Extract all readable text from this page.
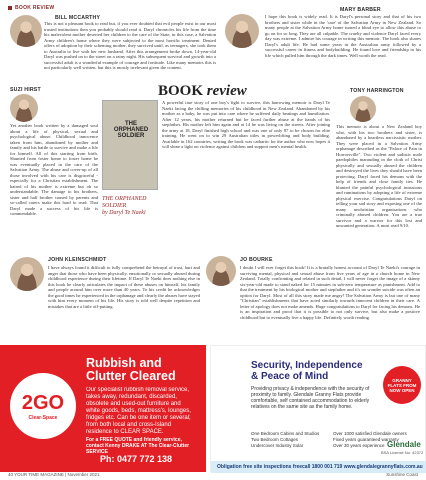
BOOK REVIEW
BILL MCCARTHY
This is not a pleasant book to read but, if you ever doubted that evil people exist in our most trusted institutions then you probably should read it. Daryl chronicles his life from the time his malevolent mother deserted her children to the care of the State, in this case, a Salvation Army children's home where they were subjected to the most horrific treatment. Denied offers of adoption by their scheming mother, they survived until, as teenagers, she took them to Australia to live with her new husband. After this arrangement broke down, 14-year-old Daryl was pushed on to the street on a rainy night. His subsequent survival and growth into a successful adult is a wonderful example of courage and fortitude. Like many memoirs this is not particularly well written, but this is mostly irrelevant given the content.
MARY BARBER
I hope this book is widely read. It is Daryl's personal story and that of his two brothers and sister while in the 'care' of the Salvation Army in New Zealand. So many people at the Salvation Army home turned a blind eye to allow this abuse to go on for so long. They are all culpable. The cruelty and violence Daryl faced every day was extreme. I admire his courage in writing this memoir. The book also shares Daryl's adult life. He had some years in the Australian army followed by a successful career in fitness and bodybuilding. He found love and friendship in his life which pulled him through the dark times. Well worth the read.
BOOK review
SUZI HIRST
Yet another book written by a damaged soul about a life of physical, sexual and psychological abuse. Childhood innocence taken from him, abandoned by mother and family and his battle to survive and make a life for himself. All of this starting from birth. Shunted from foster home to foster home he was eventually placed in the care of the Salvation Army. The abuse and cover-up of all those involved with his care is disgraceful - especially for a Christian establishment. The hatred of his mother is extreme but oh so understandable. The damage to his brothers, sister and half brother caused by parents and so-called carers make this hard to read. That Daryl made a success of his life is commendable.
THE ORPHANED SOLDIER
THE ORPHANED SOLDIER
by Daryl Te Naeki
A powerful true story of one boy's fight to survive, this harrowing memoir is Daryl Te Naeki facing the chilling memories of his childhood in New Zealand. Abandoned by his mother as a baby, he was put into care where he suffered daily beatings and humiliation. After 12 years, his mother returned but he faced further abuse at the hands of his stepfather. His mother left him again and at 14 he was living on the streets. After joining the army at 18, Daryl finished high school and was one of only 87 to be chosen for elite training. He went on to win 29 Australian titles in powerlifting and body building. Available in 162 countries, writing the book was cathartic for the author who now hopes it will shine a light on violence against children and support men's mental health.
TONY HARRINGTON
This memoir is about a New Zealand boy who, with his two brothers and sister, is abandoned by a heartless narcissistic mother. They were placed in a Salvation Army orphanage described as the "Palace of Pain in Horrorsville". Two violent and sadistic male paedophiles marauding in the cloth of Christ physically and sexually abused the children and destroyed the lives they should have been protecting. Daryl faced his demons with the help of friends and close family ties. He blunted the painful psychological intrusions and ruminations by adopting a life of extreme physical exercise. Congratulations Daryl on telling your sad story and exposing one of the many unchristian organisations who criminally abused children. You are a true survivor and a warrior for this lost and unwanted generation. A must read 9/10.
JOHN KLEINSCHMIDT
I have always found it difficult to fully comprehend the betrayal of trust, hurt and anger that those who have been physically, emotionally or sexually abused during childhood experience during their lifetime. If Daryl Te Naeki does nothing else in this book he clearly articulates the impact of these abuses on himself, his family and people around him over more than 40 years. To his credit he acknowledges the good times he experienced in the orphanage and clearly the abuses have stayed with him every moment of his life. His story is told well despite repetition and mistakes that are a little off-putting.
JO BOURKE
I doubt I will ever forget this book! It is a brutally honest account of Daryl Te Naeki's courage in surviving mental, physical and sexual abuse from five years of age in a church home in New Zealand. Totally confronting and related in such detail, I will never forget the image of a skinny six-year-old made to stand naked for 15 minutes in sub-zero temperature as punishment. Add to that the treatment by his biological mother and stepfather and it's no wonder suicide was often an option for Daryl. Most of all this story made me angry! The Salvation Army is but one of many "Christian" establishments that have acted similarly towards innocent children in their care. A letter of apology does not make amends. Huge congratulations to Daryl for facing his demons. He is an inspiration and proof that it is possible to not only survive, but also make a positive childhood but to eventually live a happy life. Definitely worth reading.
2GO
Clear-Space
Rubbish and
Clutter Cleared
Our specialist rubbish removal service, takes away, redundant, discarded, obsolete and used-out furniture and white goods, beds, mattress's, lounges, fridges etc. Can be one item or several; from both local and cross-Island residence to CLEAR SPACE.
For a FREE QUOTE and friendly service, contact Kenny DRAKE AT The Clear-Clutter SERVICE
Ph: 0477 772 138
Security, Independence
& Peace of Mind
Providing privacy & independence with the security of proximity to family. Glendale Granny Flats provide comfortable, self contained accommodation to elderly relatives on the same site as the family home.
GRANNY FLATS FROM NOW OPEN
One Bedroom Cabins and Studios
Two Bedroom Cottages
Undercover Industry Solar
Over 1000 satisfied Glendale owners
Fixed years guaranteed warranty
Over 30 years experience Glendale
BSA License No. 42372
Obligation free site inspections freecall 1800 001 719 www.glendalegrannyflats.com.au
40 YOUR TIME MAGAZINE | November 2021	Sunshine Coast
